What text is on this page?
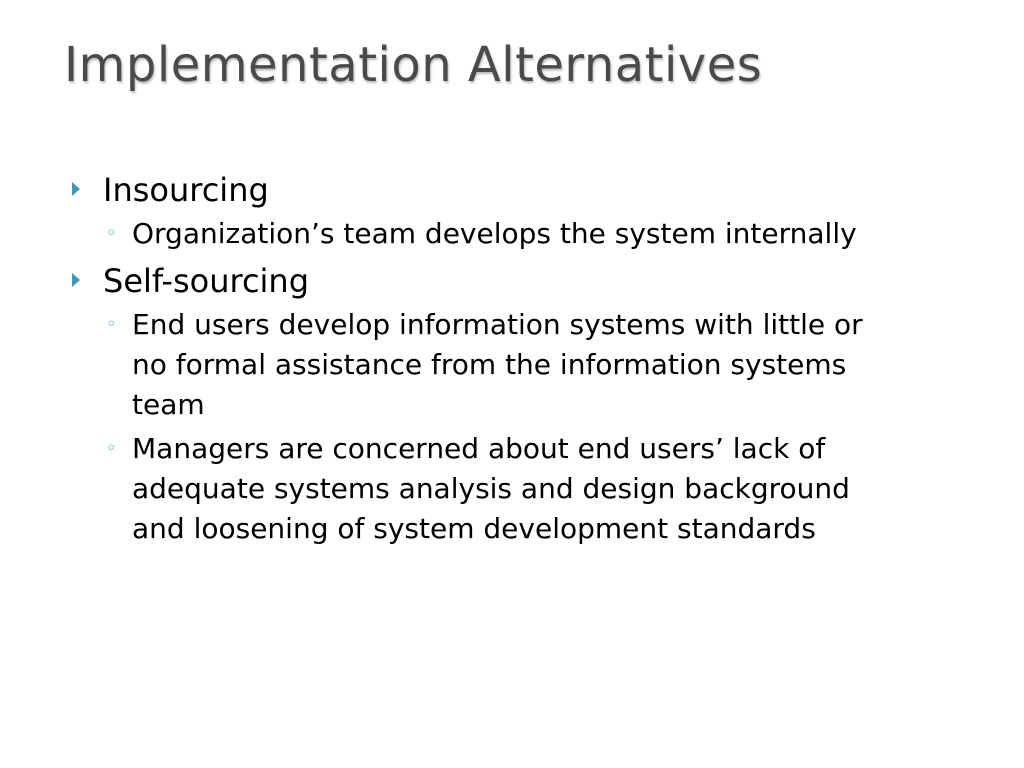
Implementation Alternatives
Insourcing
◦ Organization’s team develops the system internally
Self-sourcing
◦ End users develop information systems with little or
no formal assistance from the information systems
team
◦ Managers are concerned about end users’ lack of
adequate systems analysis and design background
and loosening of system development standards
